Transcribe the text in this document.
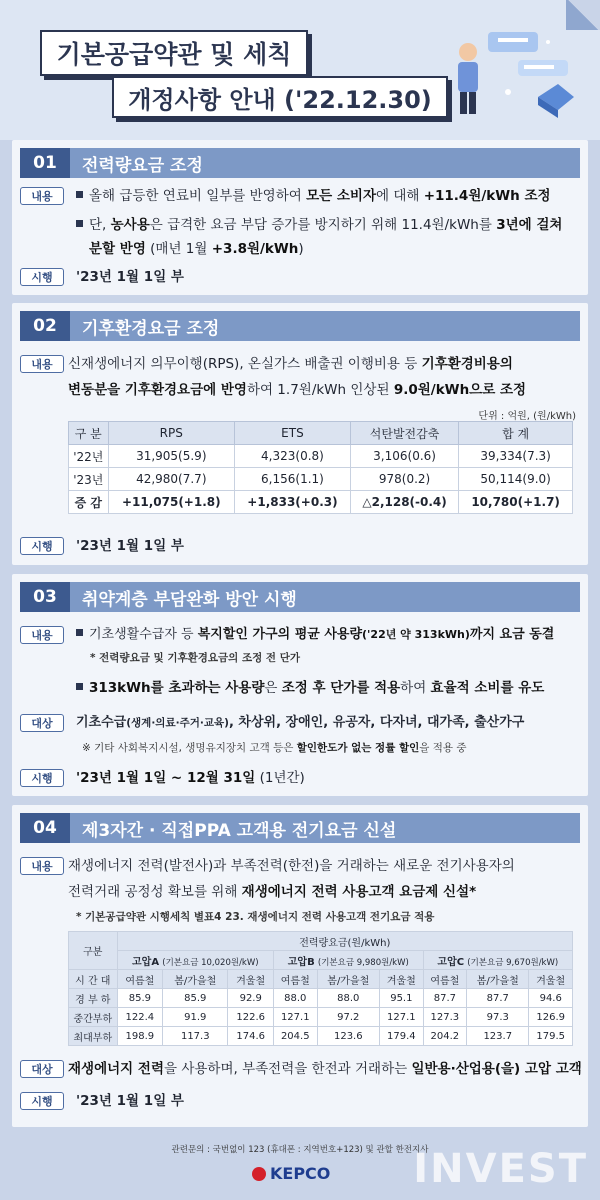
기본공급약관 및 세칙
개정사항 안내 ('22.12.30)
01	전력량요금 조정
내용	올해 급등한 연료비 일부를 반영하여 모든 소비자에 대해 +11.4원/kWh 조정
단, 농사용은 급격한 요금 부담 증가를 방지하기 위해 11.4원/kWh를 3년에 걸쳐
분할 반영 (매년 1월 +3.8원/kWh)
시행	'23년 1월 1일 부
02	기후환경요금 조정
내용	신재생에너지 의무이행(RPS), 온실가스 배출권 이행비용 등 기후환경비용의
변동분을 기후환경요금에 반영하여 1.7원/kWh 인상된 9.0원/kWh으로 조정
단위 : 억원, (원/kWh)
구 분	RPS	ETS	석탄발전감축	합 계
'22년	31,905(5.9)	4,323(0.8)	3,106(0.6)	39,334(7.3)
'23년	42,980(7.7)	6,156(1.1)	978(0.2)	50,114(9.0)
증 감	+11,075(+1.8)	+1,833(+0.3)	△2,128(-0.4)	10,780(+1.7)
시행	'23년 1월 1일 부
03	취약계층 부담완화 방안 시행
내용	기초생활수급자 등 복지할인 가구의 평균 사용량('22년 약 313kWh)까지 요금 동결
* 전력량요금 및 기후환경요금의 조정 전 단가
313kWh를 초과하는 사용량은 조정 후 단가를 적용하여 효율적 소비를 유도
대상	기초수급(생계·의료·주거·교육), 차상위, 장애인, 유공자, 다자녀, 대가족, 출산가구
※ 기타 사회복지시설, 생명유지장치 고객 등은 할인한도가 없는 정률 할인을 적용 중
시행	'23년 1월 1일 ~ 12월 31일 (1년간)
04	제3자간 · 직접PPA 고객용 전기요금 신설
내용	재생에너지 전력(발전사)과 부족전력(한전)을 거래하는 새로운 전기사용자의
전력거래 공정성 확보를 위해 재생에너지 전력 사용고객 요금제 신설*
* 기본공급약관 시행세칙 별표4 23. 재생에너지 전력 사용고객 전기요금 적용
구분	전력량요금(원/kWh)								
	고압A (기본요금 10,020원/kW)			고압B (기본요금 9,980원/kW)			고압C (기본요금 9,670원/kW)		
시 간 대	여름철	봄/가을철	겨울철	여름철	봄/가을철	겨울철	여름철	봄/가을철	겨울철
경 부 하	85.9	85.9	92.9	88.0	88.0	95.1	87.7	87.7	94.6
중간부하	122.4	91.9	122.6	127.1	97.2	127.1	127.3	97.3	126.9
최대부하	198.9	117.3	174.6	204.5	123.6	179.4	204.2	123.7	179.5
대상	재생에너지 전력을 사용하며, 부족전력을 한전과 거래하는 일반용·산업용(을) 고압 고객
시행	'23년 1월 1일 부
관련문의 : 국번없이 123 (휴대폰 : 지역번호+123) 및 관할 한전지사
KEPCO INVEST
